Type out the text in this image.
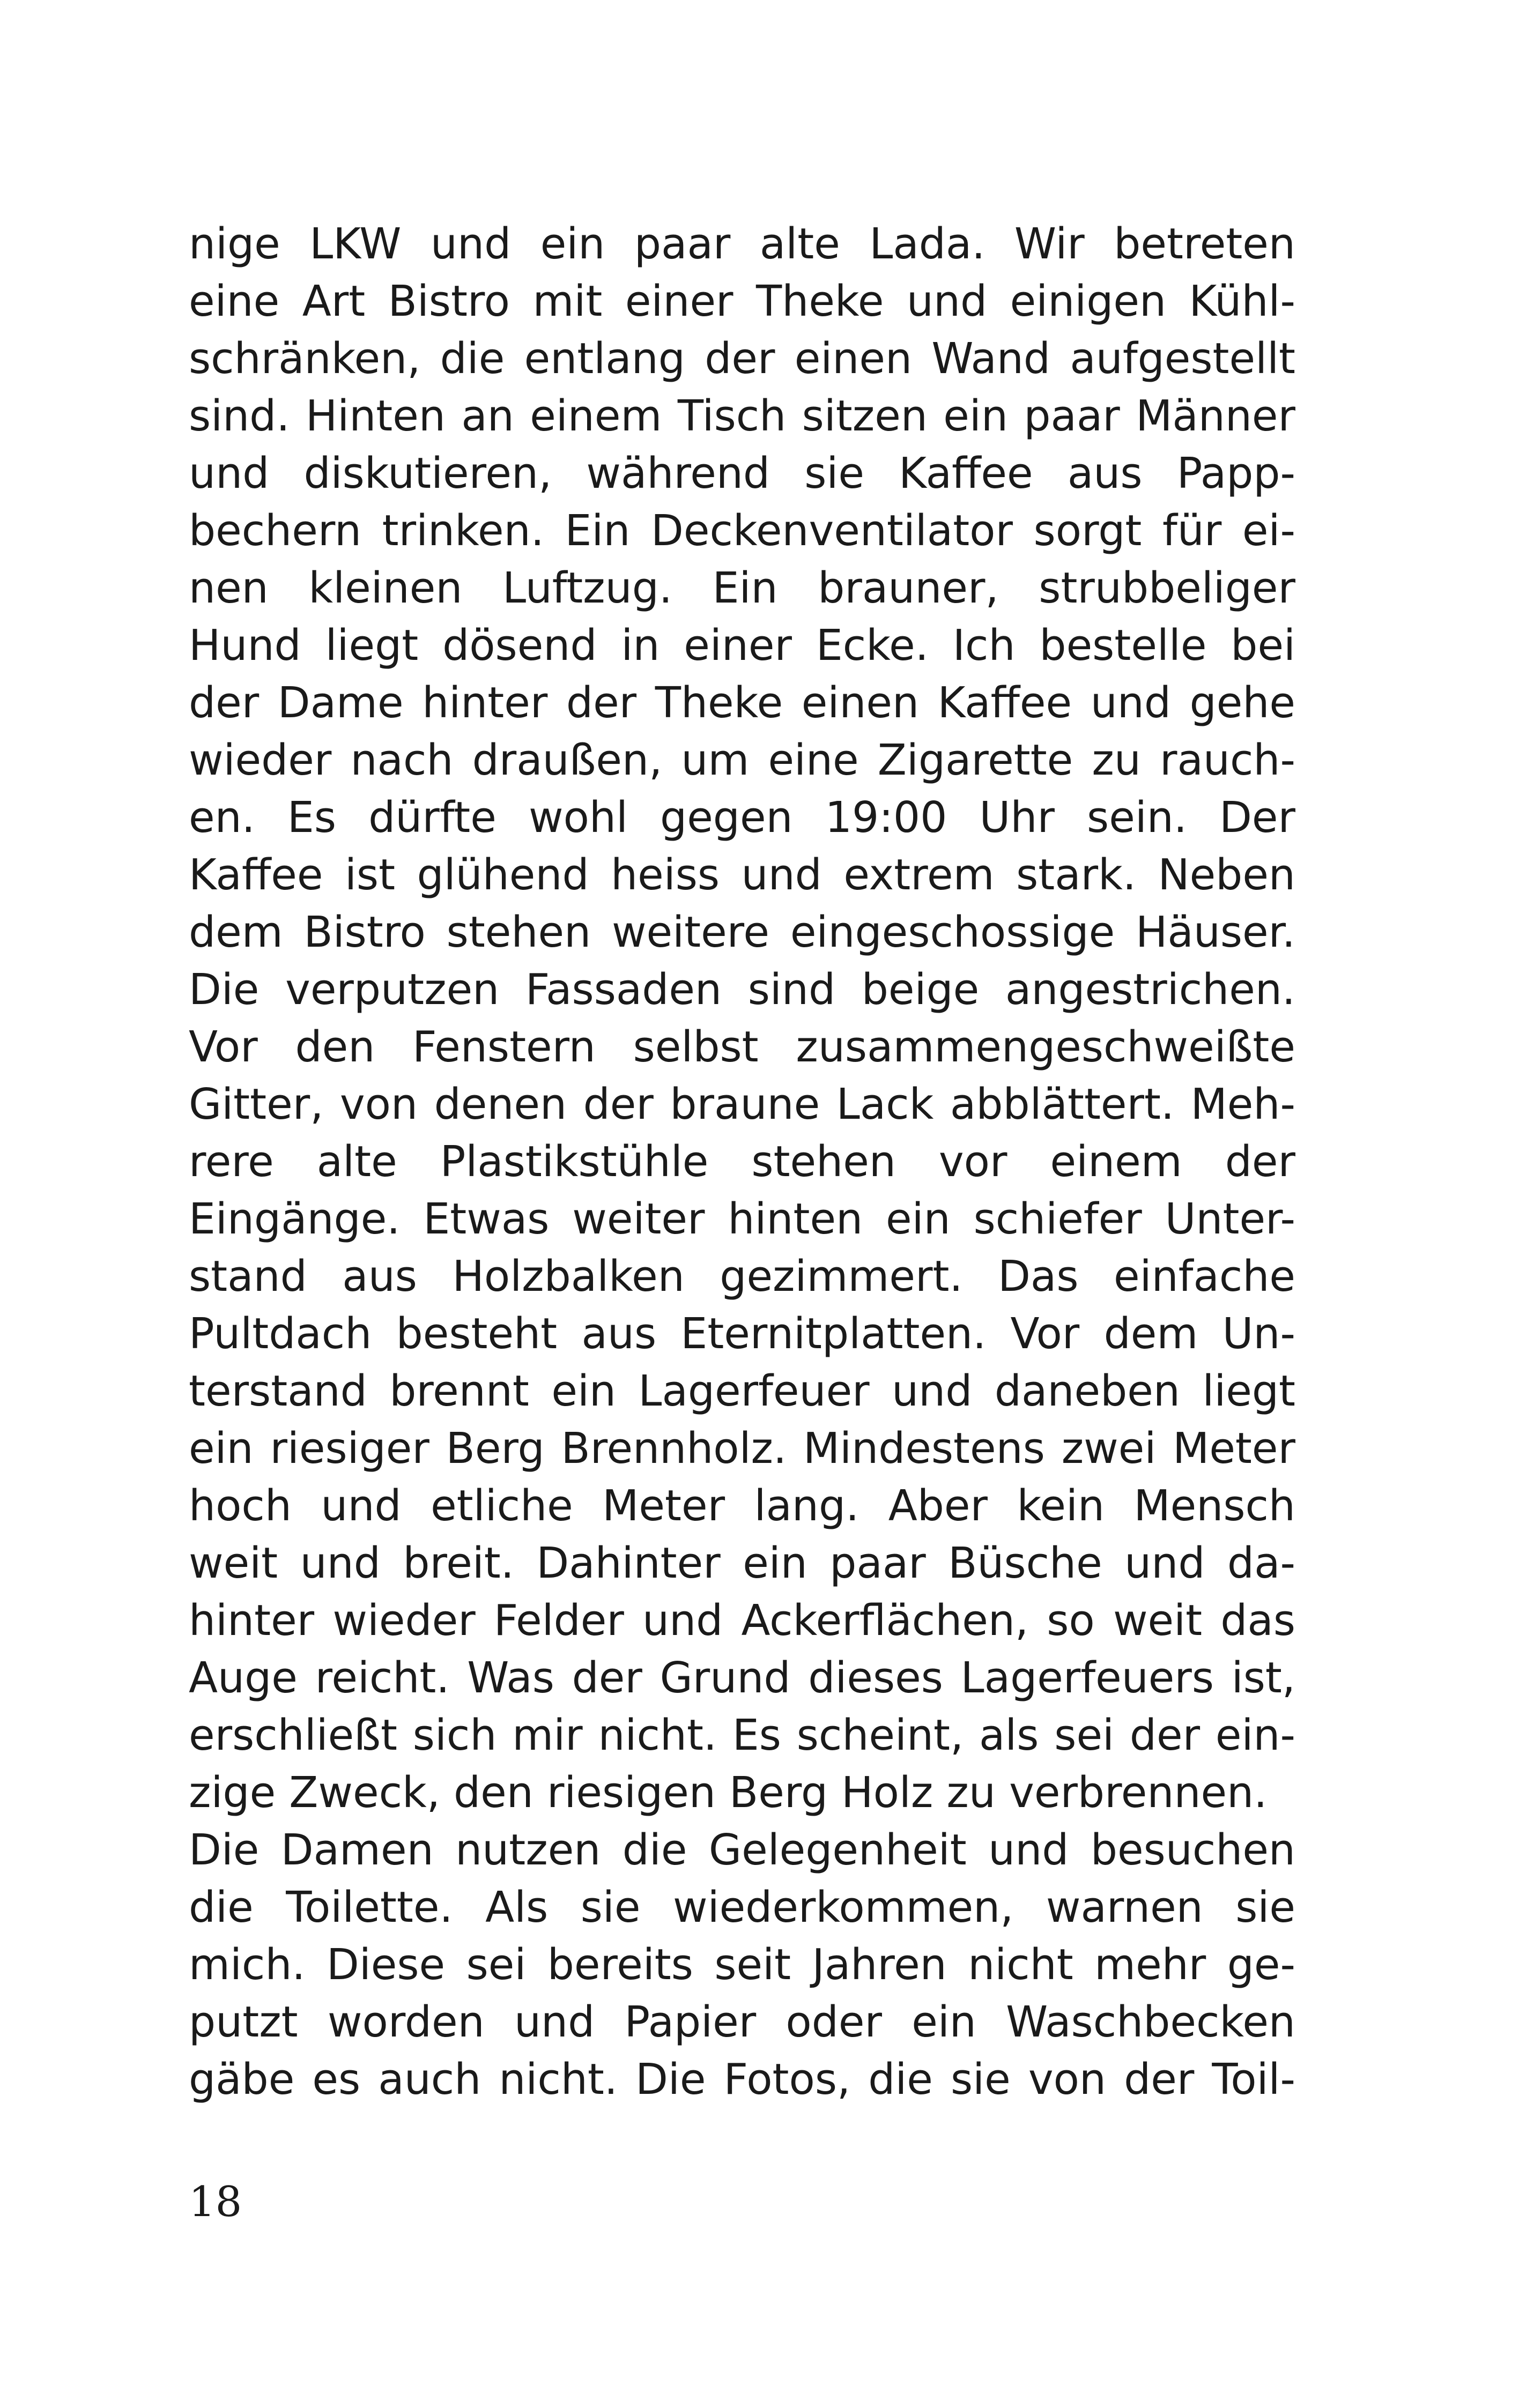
nige LKW und ein paar alte Lada. Wir betreten
eine Art Bistro mit einer Theke und einigen Kühl-
schränken, die entlang der einen Wand aufgestellt
sind. Hinten an einem Tisch sitzen ein paar Männer
und diskutieren, während sie Kaffee aus Papp-
bechern trinken. Ein Deckenventilator sorgt für ei-
nen kleinen Luftzug. Ein brauner, strubbeliger
Hund liegt dösend in einer Ecke. Ich bestelle bei
der Dame hinter der Theke einen Kaffee und gehe
wieder nach draußen, um eine Zigarette zu rauch-
en. Es dürfte wohl gegen 19:00 Uhr sein. Der
Kaffee ist glühend heiss und extrem stark. Neben
dem Bistro stehen weitere eingeschossige Häuser.
Die verputzen Fassaden sind beige angestrichen.
Vor den Fenstern selbst zusammengeschweißte
Gitter, von denen der braune Lack abblättert. Meh-
rere alte Plastikstühle stehen vor einem der
Eingänge. Etwas weiter hinten ein schiefer Unter-
stand aus Holzbalken gezimmert. Das einfache
Pultdach besteht aus Eternitplatten. Vor dem Un-
terstand brennt ein Lagerfeuer und daneben liegt
ein riesiger Berg Brennholz. Mindestens zwei Meter
hoch und etliche Meter lang. Aber kein Mensch
weit und breit. Dahinter ein paar Büsche und da-
hinter wieder Felder und Ackerflächen, so weit das
Auge reicht. Was der Grund dieses Lagerfeuers ist,
erschließt sich mir nicht. Es scheint, als sei der ein-
zige Zweck, den riesigen Berg Holz zu verbrennen.
Die Damen nutzen die Gelegenheit und besuchen
die Toilette. Als sie wiederkommen, warnen sie
mich. Diese sei bereits seit Jahren nicht mehr ge-
putzt worden und Papier oder ein Waschbecken
gäbe es auch nicht. Die Fotos, die sie von der Toil-
18
